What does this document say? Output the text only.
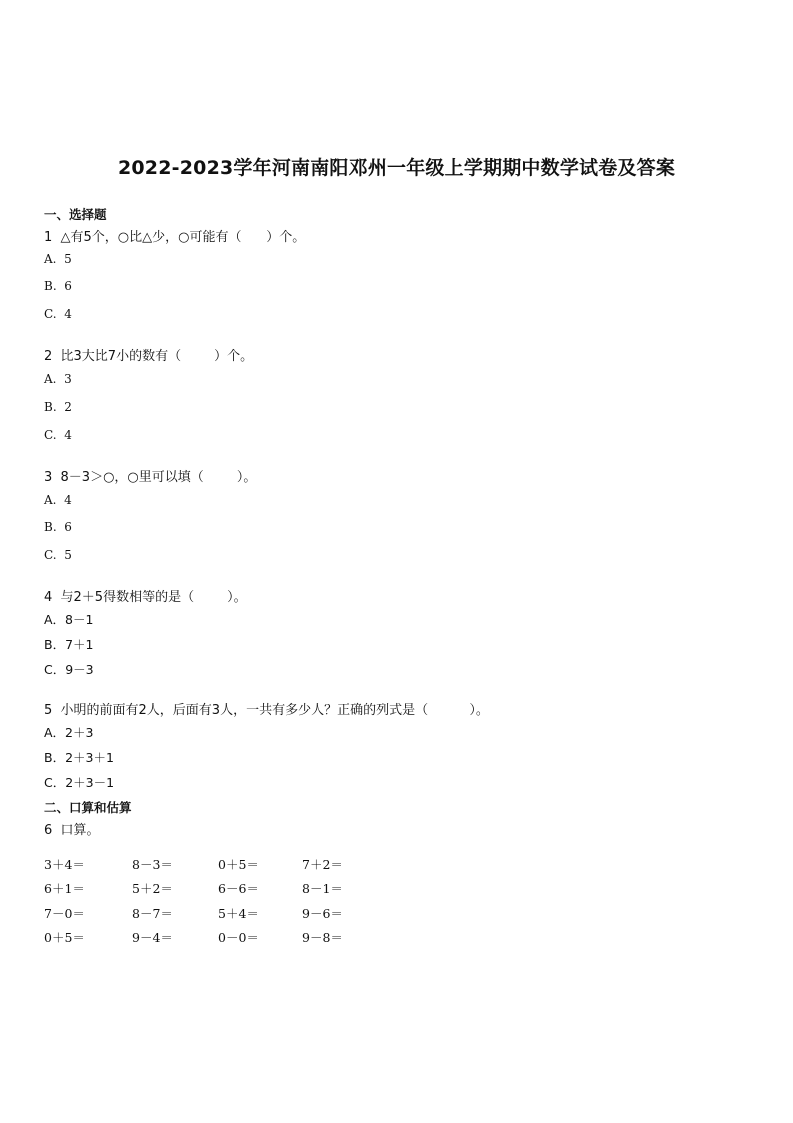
2022-2023学年河南南阳邓州一年级上学期期中数学试卷及答案
一、选择题
1  △有5个，○比△少，○可能有（      ）个。
A.  5
B.  6
C.  4
2  比3大比7小的数有（        ）个。
A.  3
B.  2
C.  4
3  8－3＞○，○里可以填（        ）。
A.  4
B.  6
C.  5
4  与2＋5得数相等的是（        ）。
A．8－1
B．7＋1
C．9－3
5  小明的前面有2人，后面有3人，一共有多少人？正确的列式是（          ）。
A．2＋3
B．2＋3＋1
C．2＋3－1
二、口算和估算
6  口算。
3＋4＝	8－3＝	0＋5＝	7＋2＝
6＋1＝	5＋2＝	6－6＝	8－1＝
7－0＝	8－7＝	5＋4＝	9－6＝
0＋5＝	9－4＝	0－0＝	9－8＝
